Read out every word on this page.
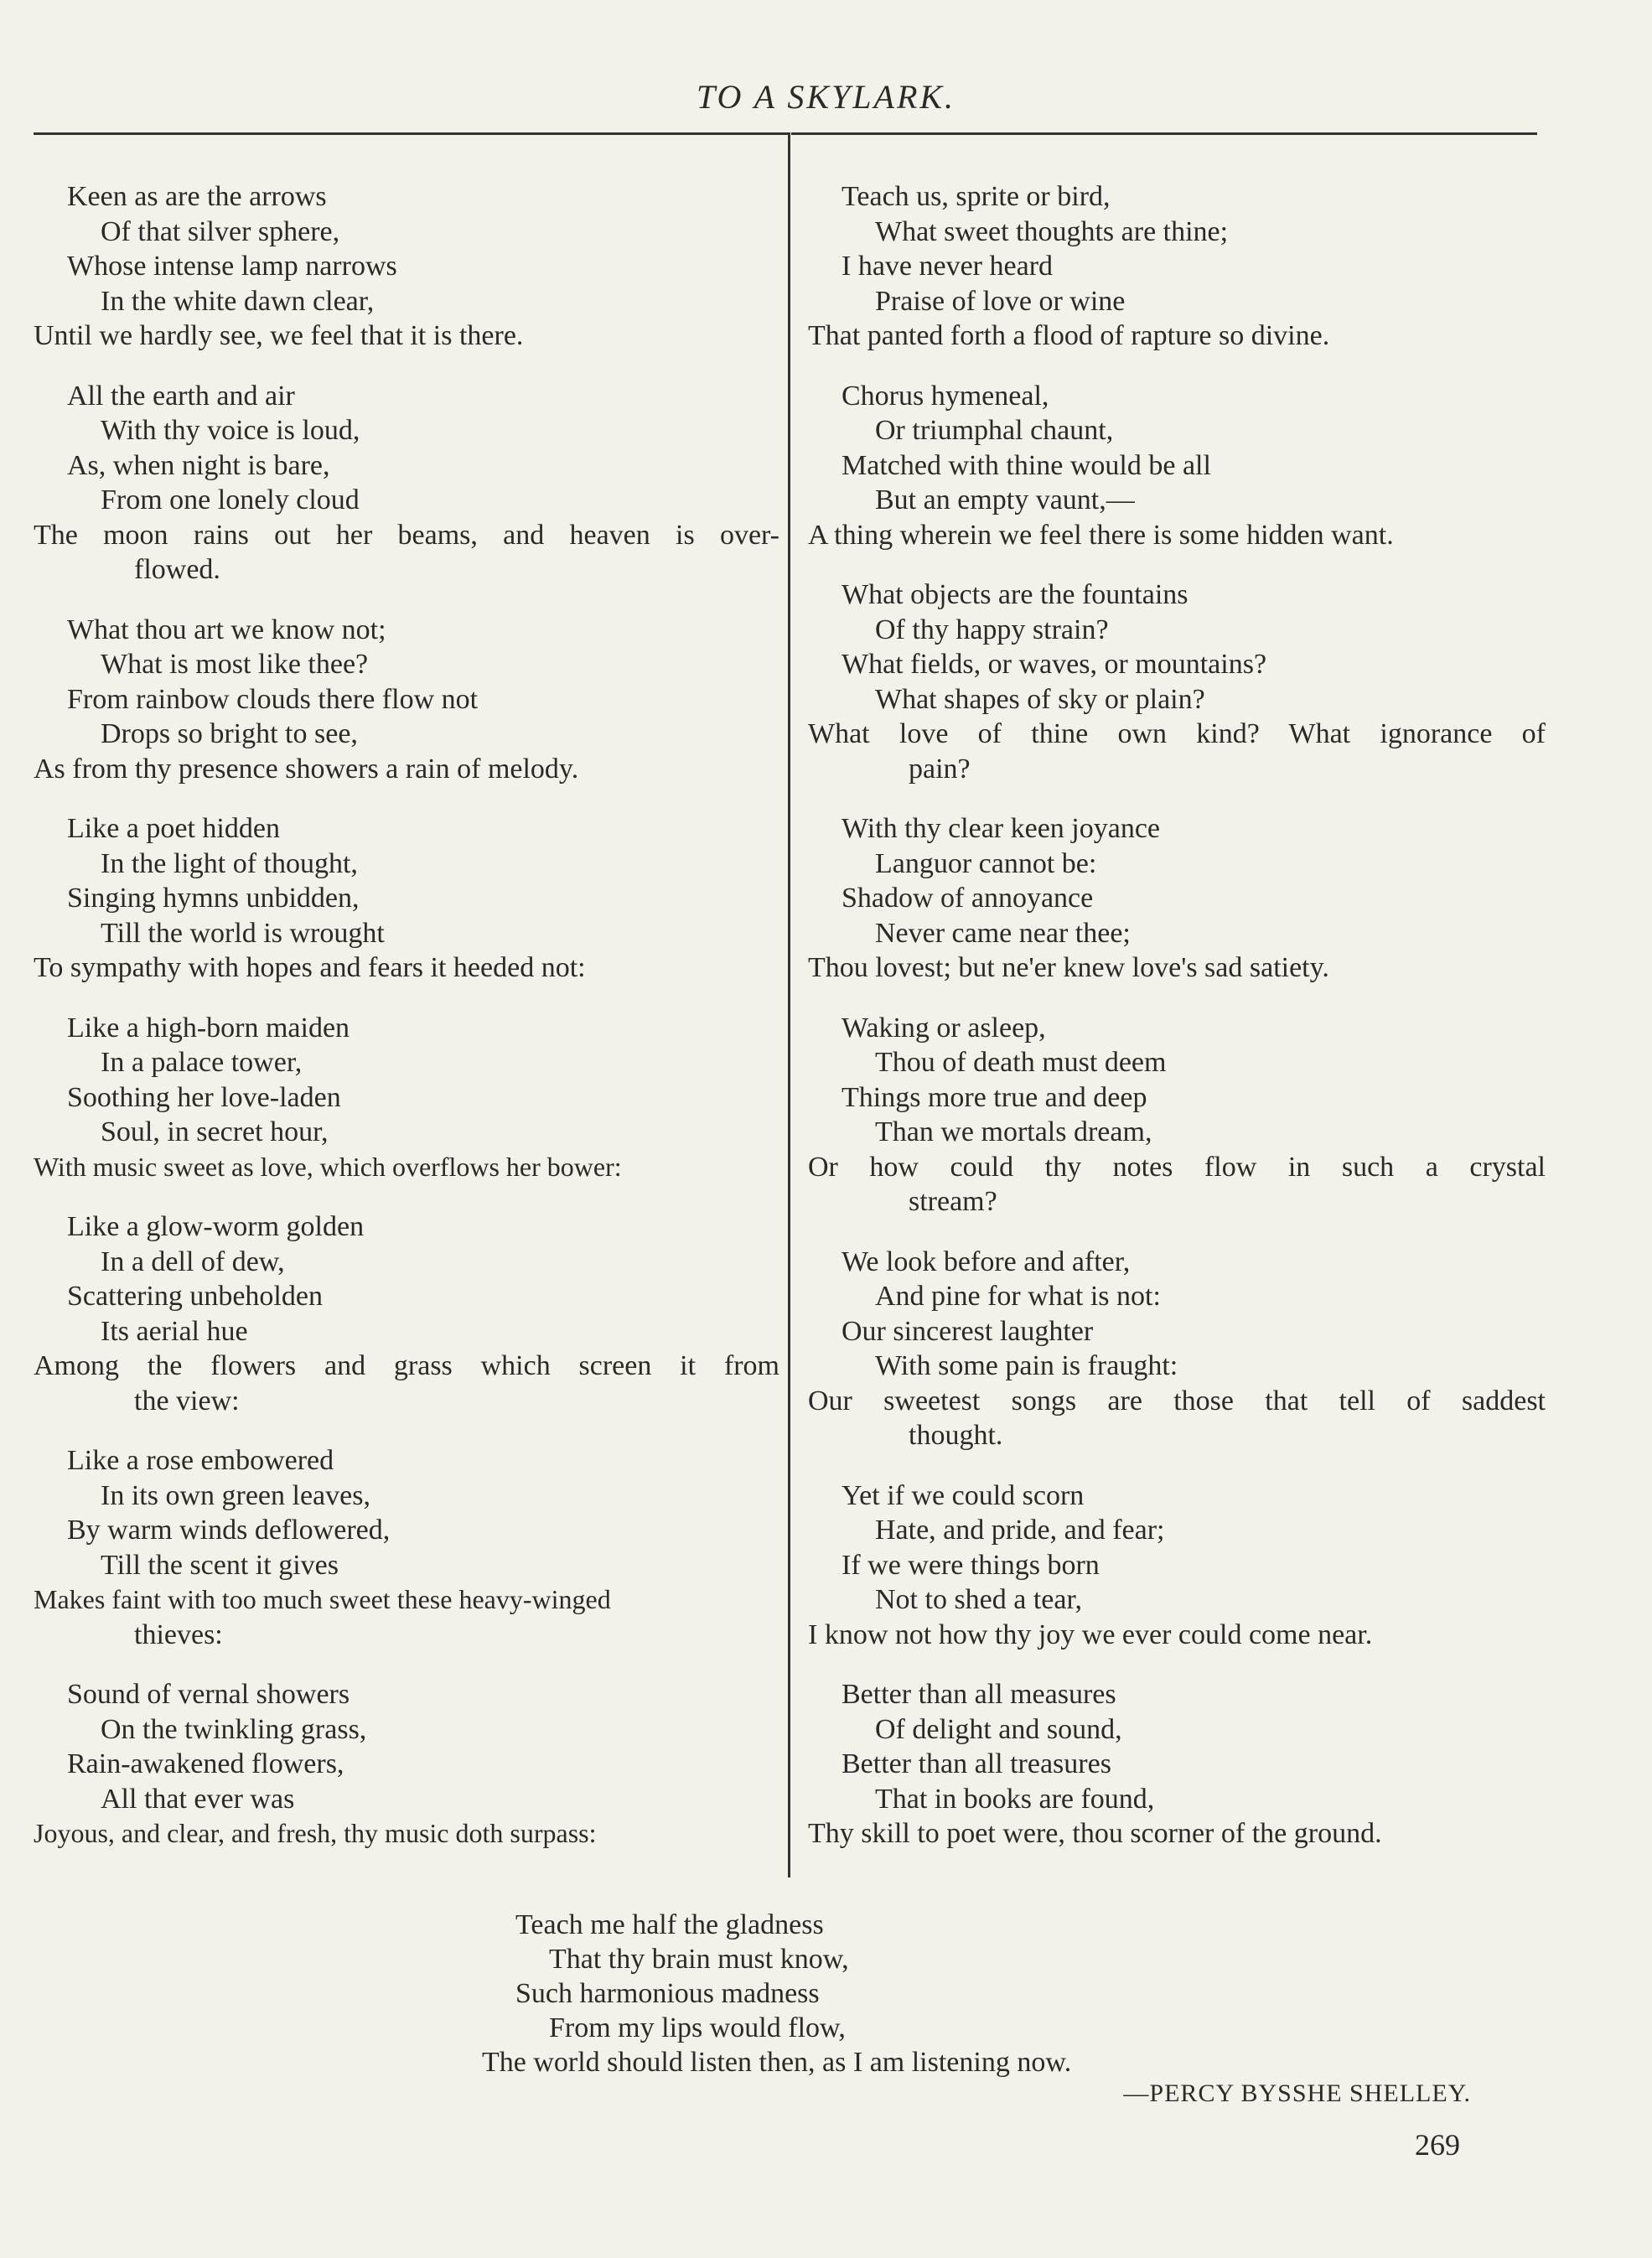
TO A SKYLARK.
Keen as are the arrows
Of that silver sphere,
Whose intense lamp narrows
In the white dawn clear,
Until we hardly see, we feel that it is there.
All the earth and air
With thy voice is loud,
As, when night is bare,
From one lonely cloud
The moon rains out her beams, and heaven is over-
flowed.
What thou art we know not;
What is most like thee?
From rainbow clouds there flow not
Drops so bright to see,
As from thy presence showers a rain of melody.
Like a poet hidden
In the light of thought,
Singing hymns unbidden,
Till the world is wrought
To sympathy with hopes and fears it heeded not:
Like a high-born maiden
In a palace tower,
Soothing her love-laden
Soul, in secret hour,
With music sweet as love, which overflows her bower:
Like a glow-worm golden
In a dell of dew,
Scattering unbeholden
Its aerial hue
Among the flowers and grass which screen it from
the view:
Like a rose embowered
In its own green leaves,
By warm winds deflowered,
Till the scent it gives
Makes faint with too much sweet these heavy-winged
thieves:
Sound of vernal showers
On the twinkling grass,
Rain-awakened flowers,
All that ever was
Joyous, and clear, and fresh, thy music doth surpass:
Teach us, sprite or bird,
What sweet thoughts are thine;
I have never heard
Praise of love or wine
That panted forth a flood of rapture so divine.
Chorus hymeneal,
Or triumphal chaunt,
Matched with thine would be all
But an empty vaunt,—
A thing wherein we feel there is some hidden want.
What objects are the fountains
Of thy happy strain?
What fields, or waves, or mountains?
What shapes of sky or plain?
What love of thine own kind? What ignorance of
pain?
With thy clear keen joyance
Languor cannot be:
Shadow of annoyance
Never came near thee;
Thou lovest; but ne'er knew love's sad satiety.
Waking or asleep,
Thou of death must deem
Things more true and deep
Than we mortals dream,
Or how could thy notes flow in such a crystal
stream?
We look before and after,
And pine for what is not:
Our sincerest laughter
With some pain is fraught:
Our sweetest songs are those that tell of saddest
thought.
Yet if we could scorn
Hate, and pride, and fear;
If we were things born
Not to shed a tear,
I know not how thy joy we ever could come near.
Better than all measures
Of delight and sound,
Better than all treasures
That in books are found,
Thy skill to poet were, thou scorner of the ground.
Teach me half the gladness
That thy brain must know,
Such harmonious madness
From my lips would flow,
The world should listen then, as I am listening now.
—PERCY BYSSHE SHELLEY.
269
